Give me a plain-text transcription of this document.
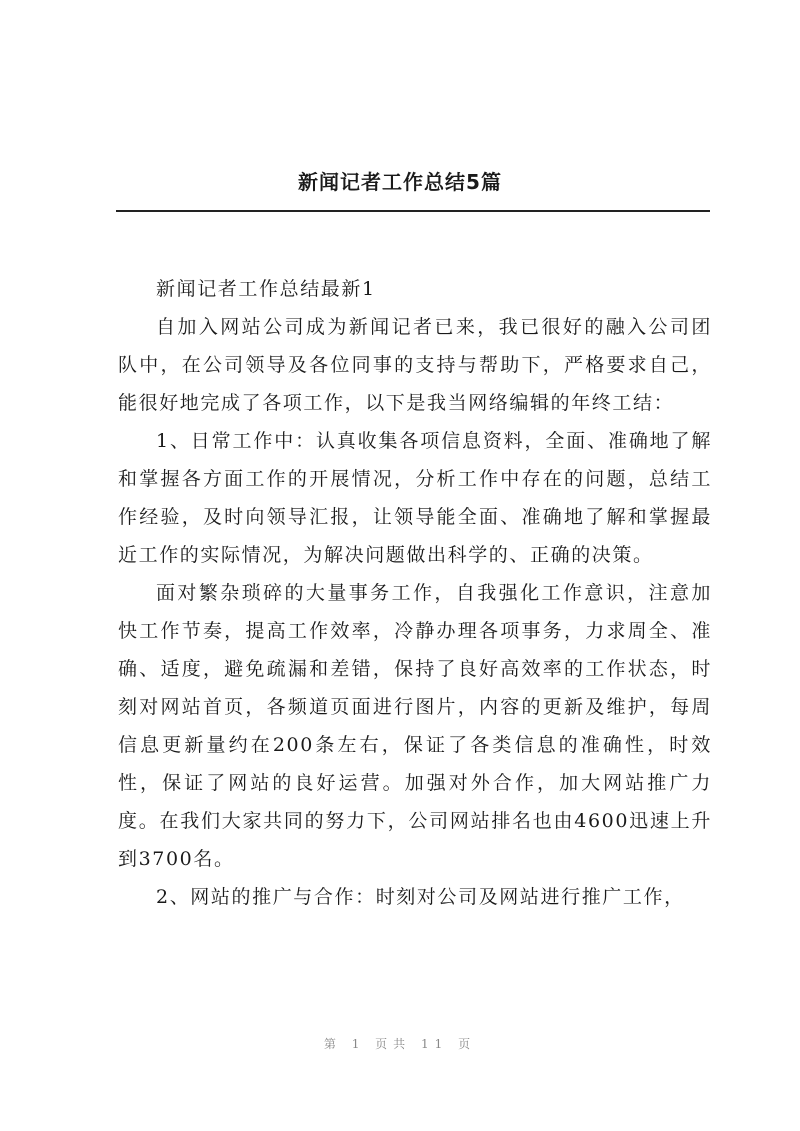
新闻记者工作总结5篇

新闻记者工作总结最新1

自加入网站公司成为新闻记者已来，我已很好的融入公司团队中，在公司领导及各位同事的支持与帮助下，严格要求自己，能很好地完成了各项工作，以下是我当网络编辑的年终工结：

1、日常工作中：认真收集各项信息资料，全面、准确地了解和掌握各方面工作的开展情况，分析工作中存在的问题，总结工作经验，及时向领导汇报，让领导能全面、准确地了解和掌握最近工作的实际情况，为解决问题做出科学的、正确的决策。

面对繁杂琐碎的大量事务工作，自我强化工作意识，注意加快工作节奏，提高工作效率，冷静办理各项事务，力求周全、准确、适度，避免疏漏和差错，保持了良好高效率的工作状态，时刻对网站首页，各频道页面进行图片，内容的更新及维护，每周信息更新量约在200条左右，保证了各类信息的准确性，时效性，保证了网站的良好运营。加强对外合作，加大网站推广力度。在我们大家共同的努力下，公司网站排名也由4600迅速上升到3700名。

2、网站的推广与合作：时刻对公司及网站进行推广工作，

第 1 页共 11 页
